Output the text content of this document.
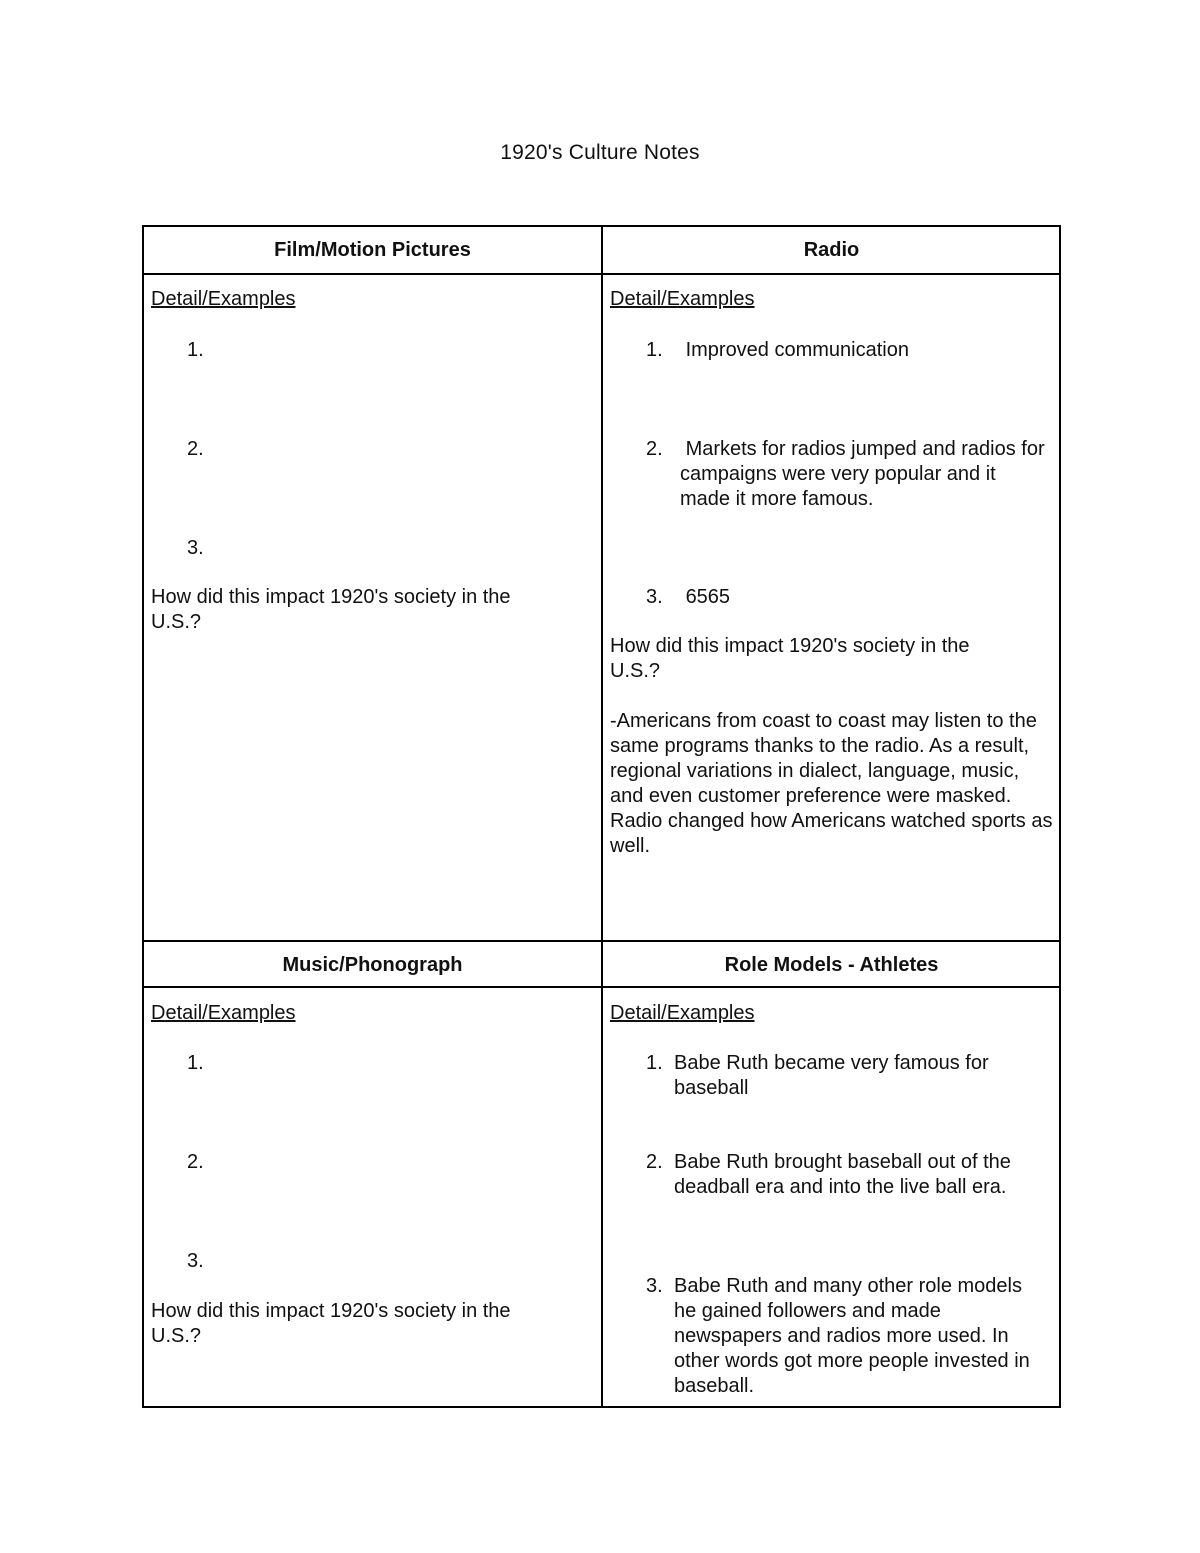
1920's Culture Notes
Film/Motion Pictures	Radio
Music/Phonograph	Role Models - Athletes
Detail/Examples
1.
2.
3.
How did this impact 1920's society in the U.S.?
Detail/Examples
1. Improved communication
2. Markets for radios jumped and radios for campaigns were very popular and it made it more famous.
3. 6565
How did this impact 1920's society in the U.S.?
-Americans from coast to coast may listen to the same programs thanks to the radio. As a result, regional variations in dialect, language, music, and even customer preference were masked. Radio changed how Americans watched sports as well.
Detail/Examples
1.
2.
3.
How did this impact 1920's society in the U.S.?
Detail/Examples
1. Babe Ruth became very famous for baseball
2. Babe Ruth brought baseball out of the deadball era and into the live ball era.
3. Babe Ruth and many other role models he gained followers and made newspapers and radios more used. In other words got more people invested in baseball.
